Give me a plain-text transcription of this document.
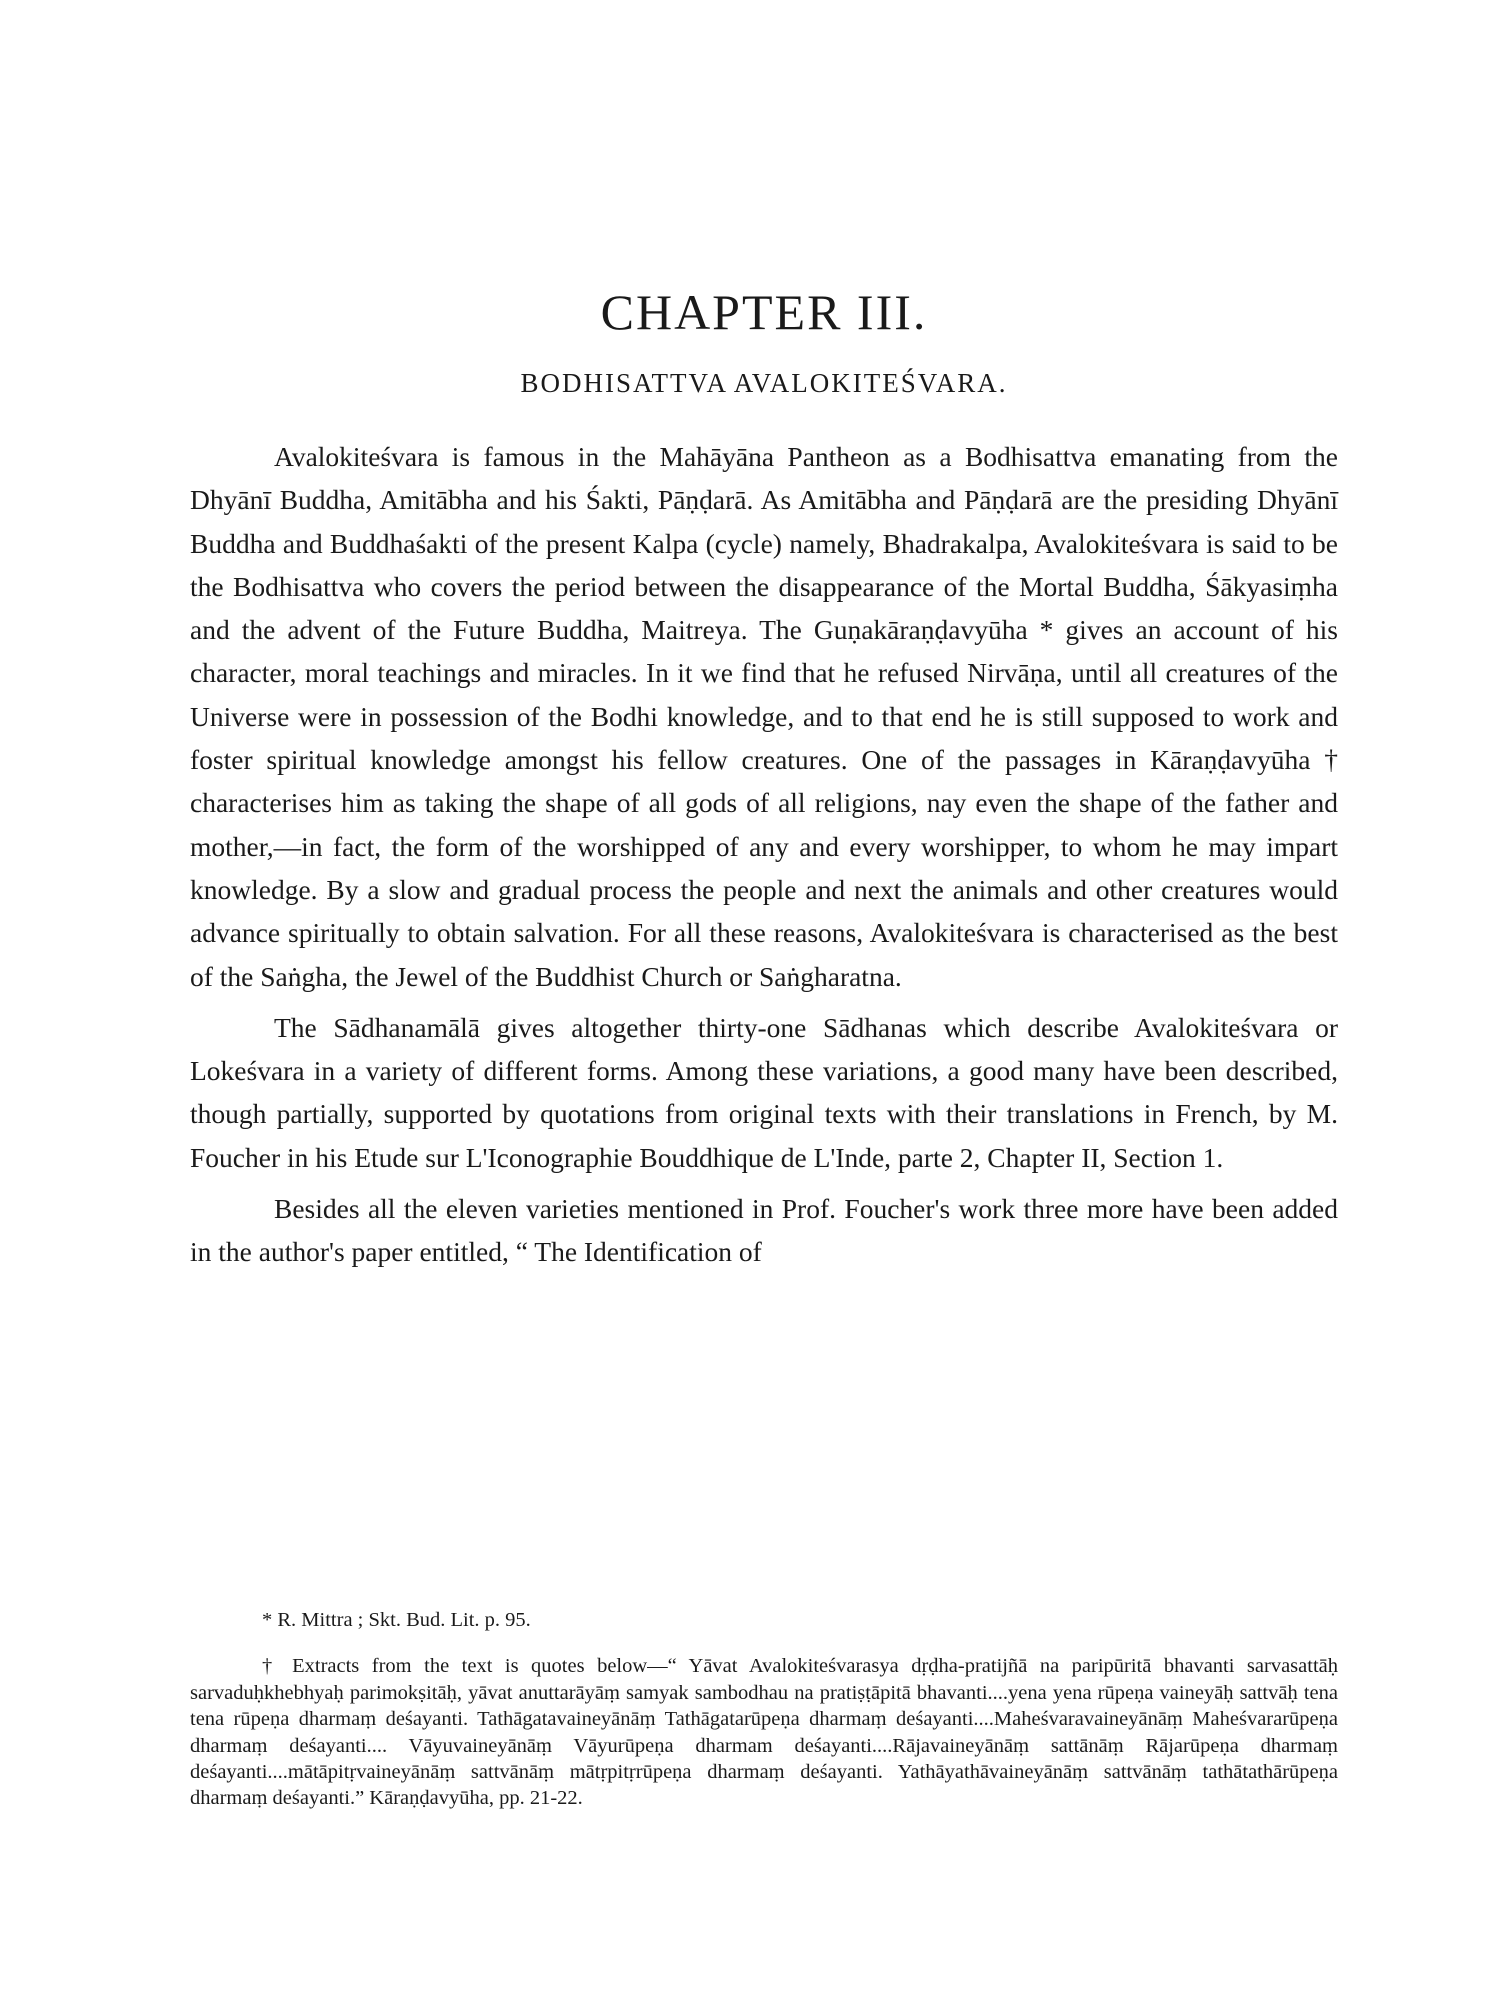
CHAPTER III.
BODHISATTVA AVALOKITEŚVARA.

Avalokiteśvara is famous in the Mahāyāna Pantheon as a Bodhisattva emanating from the Dhyānī Buddha, Amitābha and his Śakti, Pāṇḍarā. As Amitābha and Pāṇḍarā are the presiding Dhyānī Buddha and Buddhaśakti of the present Kalpa (cycle) namely, Bhadrakalpa, Avalokiteśvara is said to be the Bodhisattva who covers the period between the disappearance of the Mortal Buddha, Śākyasiṃha and the advent of the Future Buddha, Maitreya. The Guṇakāraṇḍavyūha * gives an account of his character, moral teachings and miracles. In it we find that he refused Nirvāṇa, until all creatures of the Universe were in possession of the Bodhi knowledge, and to that end he is still supposed to work and foster spiritual knowledge amongst his fellow creatures. One of the passages in Kāraṇḍavyūha † characterises him as taking the shape of all gods of all religions, nay even the shape of the father and mother,—in fact, the form of the worshipped of any and every worshipper, to whom he may impart knowledge. By a slow and gradual process the people and next the animals and other creatures would advance spiritually to obtain salvation. For all these reasons, Avalokiteśvara is characterised as the best of the Saṅgha, the Jewel of the Buddhist Church or Saṅgharatna.

The Sādhanamālā gives altogether thirty-one Sādhanas which describe Avalokiteśvara or Lokeśvara in a variety of different forms. Among these variations, a good many have been described, though partially, supported by quotations from original texts with their translations in French, by M. Foucher in his Etude sur L'Iconographie Bouddhique de L'Inde, parte 2, Chapter II, Section 1.

Besides all the eleven varieties mentioned in Prof. Foucher's work three more have been added in the author's paper entitled, “ The Identification of

* R. Mittra ; Skt. Bud. Lit. p. 95.

† Extracts from the text is quotes below—“ Yāvat Avalokiteśvarasya dṛḍha-pratijñā na paripūritā bhavanti sarvasattāḥ sarvaduḥkhebhyaḥ parimokṣitāḥ, yāvat anuttarāyāṃ samyak sambodhau na pratiṣṭāpitā bhavanti....yena yena rūpeṇa vaineyāḥ sattvāḥ tena tena rūpeṇa dharmaṃ deśayanti. Tathāgatavaineyānāṃ Tathāgatarūpeṇa dharmaṃ deśayanti....Maheśvaravaineyānāṃ Maheśvararūpeṇa dharmaṃ deśayanti.... Vāyuvaineyānāṃ Vāyurūpeṇa dharmam deśayanti....Rājavaineyānāṃ sattānāṃ Rājarūpeṇa dharmaṃ deśayanti....mātāpitṛvaineyānāṃ sattvānāṃ mātṛpitṛrūpeṇa dharmaṃ deśayanti. Yathāyathāvaineyānāṃ sattvānāṃ tathātathārūpeṇa dharmaṃ deśayanti.” Kāraṇḍavyūha, pp. 21-22.
